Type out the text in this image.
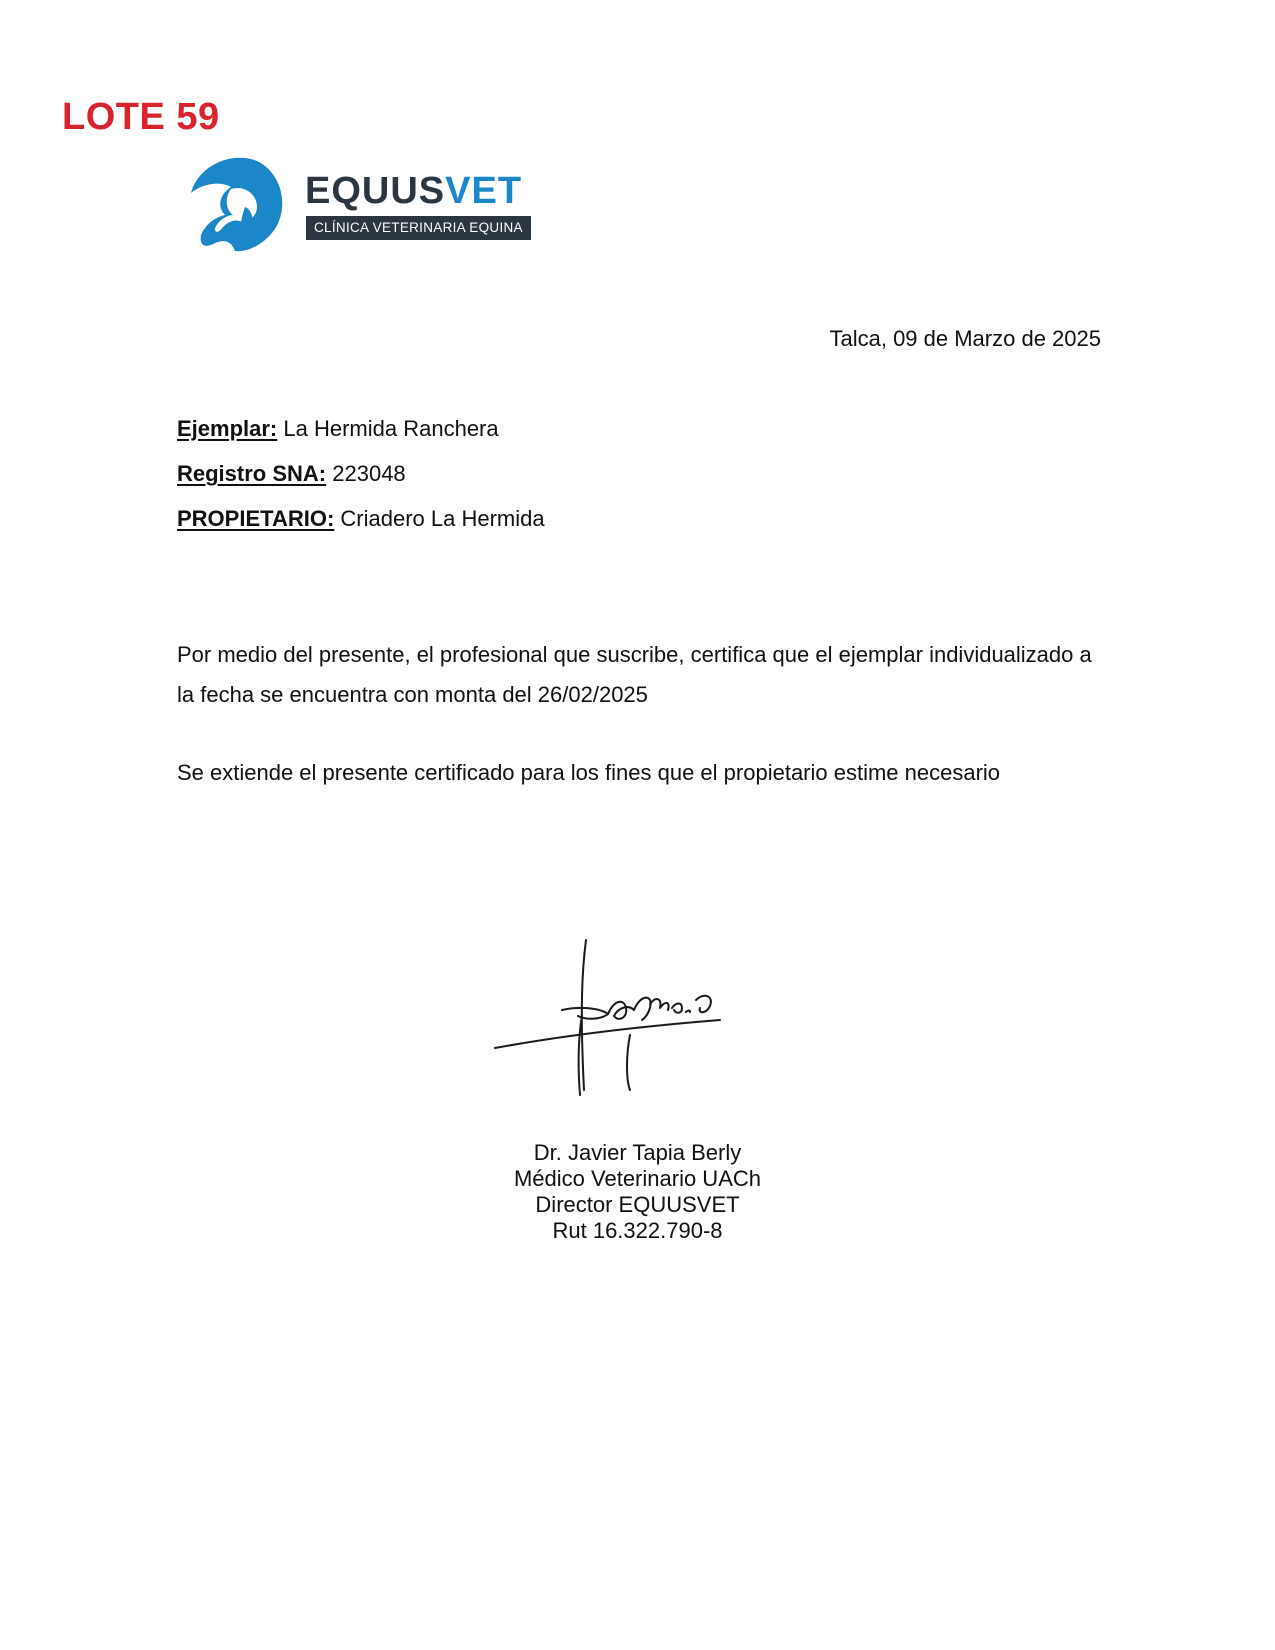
LOTE 59
EQUUSVET
CLÍNICA VETERINARIA EQUINA
Talca, 09 de Marzo de 2025
Ejemplar: La Hermida Ranchera
Registro SNA: 223048
PROPIETARIO: Criadero La Hermida
Por medio del presente, el profesional que suscribe, certifica que el ejemplar individualizado a la fecha se encuentra con monta del 26/02/2025
Se extiende el presente certificado para los fines que el propietario estime necesario
Dr. Javier Tapia Berly
Médico Veterinario UACh
Director EQUUSVET
Rut 16.322.790-8
